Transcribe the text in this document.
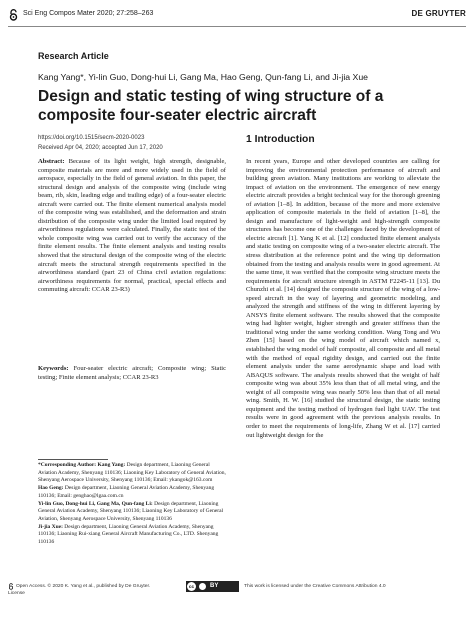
Sci Eng Compos Mater 2020; 27:258–263	DE GRUYTER
Research Article
Kang Yang*, Yi-lin Guo, Dong-hui Li, Gang Ma, Hao Geng, Qun-fang Li, and Ji-jia Xue
Design and static testing of wing structure of a composite four-seater electric aircraft
https://doi.org/10.1515/secm-2020-0023
Received Apr 04, 2020; accepted Jun 17, 2020
Abstract: Because of its light weight, high strength, designable, composite materials are more and more widely used in the field of aerospace, especially in the field of general aviation. In this paper, the structural design and analysis of the composite wing (include wing beam, rib, skin, leading edge and trailing edge) of a four-seater electric aircraft were carried out. The finite element numerical analysis model of the composite wing was established, and the deformation and strain distribution of the composite wing under the limited load required by airworthiness regulations were calculated. Finally, the static test of the whole composite wing was carried out to verify the accuracy of the finite element results. The finite element analysis and testing results showed that the structural design of the composite wing of the electric aircraft meets the structural strength requirements specified in the airworthiness standard (part 23 of China civil aviation regulations: airworthiness requirements for normal, practical, special effects and commuting aircraft: CCAR 23-R3)
Keywords: Four-seater electric aircraft; Composite wing; Static testing; Finite element analysis; CCAR 23-R3

*Corresponding Author: Kang Yang: Design department, Liaoning General Aviation Academy, Shenyang 110136; Liaoning Key Laboratory of General Aviation, Shenyang Aerospace University, Shenyang 110136; Email: ykangok@163.com

Hao Geng: Design department, Liaoning General Aviation Academy, Shenyang 110136; Email: genghao@lgaa.com.cn

Yi-lin Guo, Dong-hui Li, Gang Ma, Qun-fang Li: Design department, Liaoning General Aviation Academy, Shenyang 110136; Liaoning Key Laboratory of General Aviation, Shenyang Aerospace University, Shenyang 110136

Ji-jia Xue: Design department, Liaoning General Aviation Academy, Shenyang 110136; Liaoning Rui-xiang General Aircraft Manufacturing Co., LTD. Shenyang 110136

1 Introduction
In recent years, Europe and other developed countries are calling for improving the environmental protection performance of aircraft and building green aviation. Many institutions are working to alleviate the impact of aviation on the environment. The emergence of new energy electric aircraft provides a bright technical way for the thorough greening of aviation [1–8]. In addition, because of the more and more extensive application of composite materials in the field of aviation [1–8], the design and manufacture of light-weight and high-strength composite structures has become one of the challenges faced by the development of electric aircraft [1]. Yang K et al. [12] conducted finite element analysis and static testing on composite wing of a two-seater electric aircraft. The stress distribution at the reference point and the wing tip deformation obtained from the testing and analysis results were in good agreement. At the same time, it was verified that the composite wing structure meets the requirements for aircraft structure strength in ASTM F2245-11 [13]. Du Chunzhi et al. [14] designed the composite structure of the wing of a low-speed aircraft in the way of layering and geometric modeling, and analyzed the strength and stiffness of the wing in different layering by ANSYS finite element software. The results showed that the composite wing had lighter weight, higher strength and greater stiffness than the traditional wing under the same working condition. Wang Tong and Wu Zhen [15] based on the wing model of aircraft which named x, established the wing model of half composite, all composite and all metal with the method of equal rigidity design, and carried out the finite element analysis under the same aerodynamic shape and load with ABAQUS software. The analysis results showed that the weight of half composite wing was about 35% less than that of all metal wing, and the weight of all composite wing was nearly 50% less than that of all metal wing. Smith, H. W. [16] studied the structural design, the static testing equipment and the testing method of hydrogen fuel light UAV. The test results were in good agreement with the previous analysis results. In order to meet the requirements of long-life, Zhang W et al. [17] carried out lightweight design for the
Open Access. © 2020 K. Yang et al., published by De Gruyter.
License
cc	BY	This work is licensed under the Creative Commons Attribution 4.0
